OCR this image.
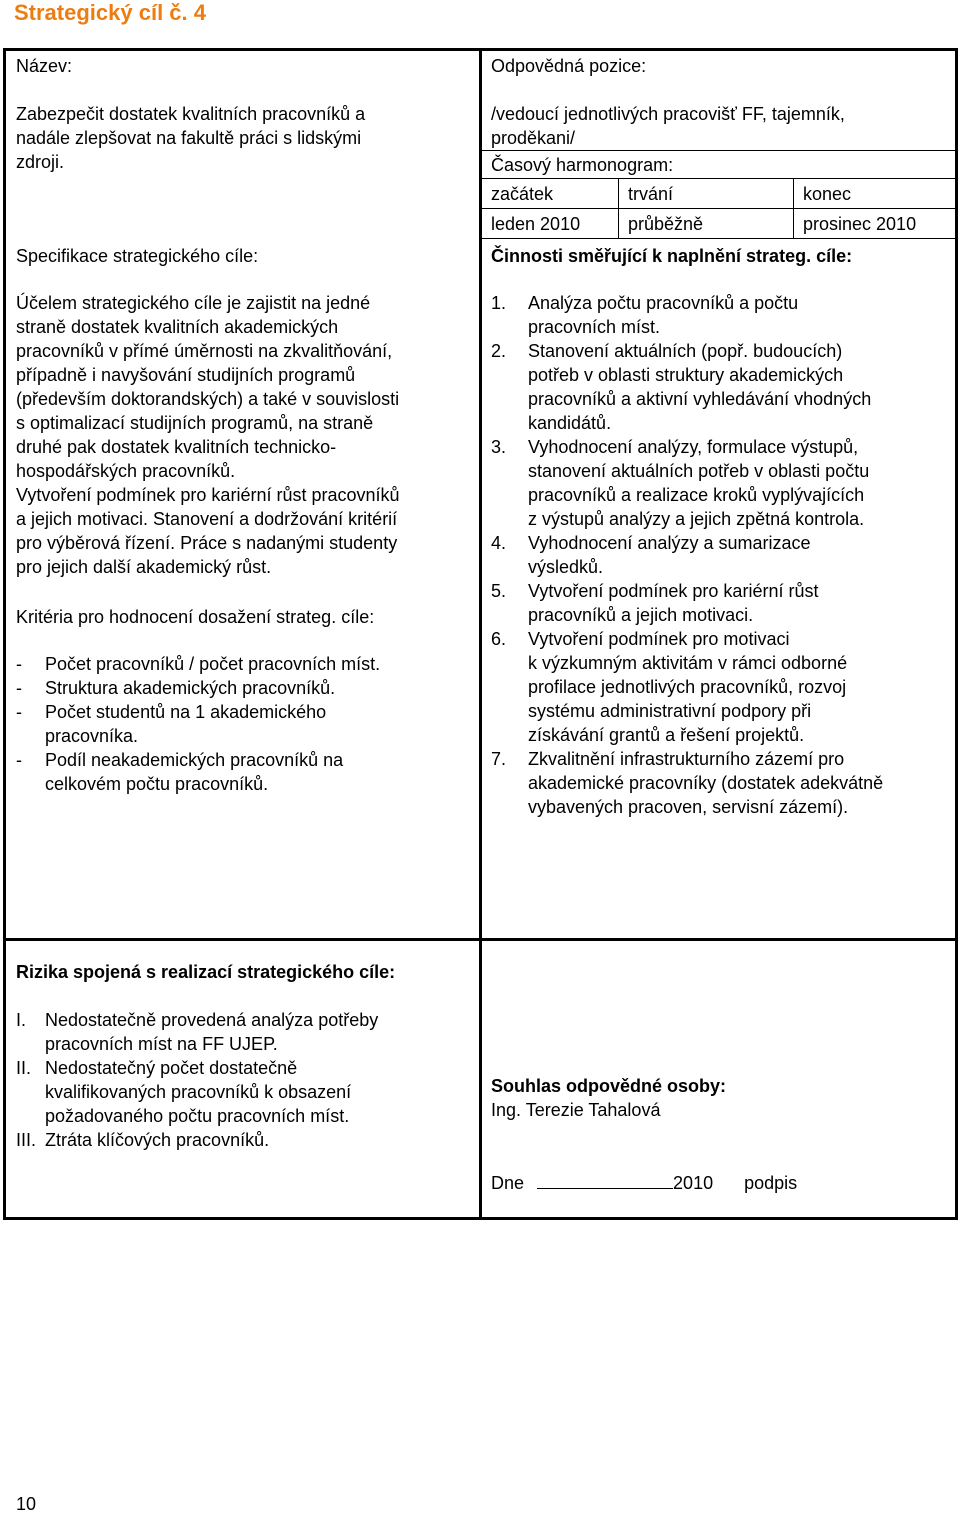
Strategický cíl č. 4
Název:
Zabezpečit dostatek kvalitních pracovníků a
nadále zlepšovat na fakultě práci s lidskými
zdroji.
Specifikace strategického cíle:
Účelem strategického cíle je zajistit na jedné
straně dostatek kvalitních akademických
pracovníků v přímé úměrnosti na zkvalitňování,
případně i navyšování studijních programů
(především doktorandských) a také v souvislosti
s optimalizací studijních programů, na straně
druhé pak dostatek kvalitních technicko-
hospodářských pracovníků.
Vytvoření podmínek pro kariérní růst pracovníků
a jejich motivaci. Stanovení a dodržování kritérií
pro výběrová řízení. Práce s nadanými studenty
pro jejich další akademický růst.
Kritéria pro hodnocení dosažení strateg. cíle:
- Počet pracovníků / počet pracovních míst.
- Struktura akademických pracovníků.
- Počet studentů na 1 akademického
pracovníka.
- Podíl neakademických pracovníků na
celkovém počtu pracovníků.
Odpovědná pozice:
/vedoucí jednotlivých pracovišť FF, tajemník,
proděkani/
Časový harmonogram:
začátek	trvání	konec
leden 2010	průběžně	prosinec 2010
Činnosti směřující k naplnění strateg. cíle:
1. Analýza počtu pracovníků a počtu
pracovních míst.
2. Stanovení aktuálních (popř. budoucích)
potřeb v oblasti struktury akademických
pracovníků a aktivní vyhledávání vhodných
kandidátů.
3. Vyhodnocení analýzy, formulace výstupů,
stanovení aktuálních potřeb v oblasti počtu
pracovníků a realizace kroků vyplývajících
z výstupů analýzy a jejich zpětná kontrola.
4. Vyhodnocení analýzy a sumarizace
výsledků.
5. Vytvoření podmínek pro kariérní růst
pracovníků a jejich motivaci.
6. Vytvoření podmínek pro motivaci
k výzkumným aktivitám v rámci odborné
profilace jednotlivých pracovníků, rozvoj
systému administrativní podpory při
získávání grantů a řešení projektů.
7. Zkvalitnění infrastrukturního zázemí pro
akademické pracovníky (dostatek adekvátně
vybavených pracoven, servisní zázemí).
Rizika spojená s realizací strategického cíle:
I. Nedostatečně provedená analýza potřeby
pracovních míst na FF UJEP.
II. Nedostatečný počet dostatečně
kvalifikovaných pracovníků k obsazení
požadovaného počtu pracovních míst.
III. Ztráta klíčových pracovníků.
Souhlas odpovědné osoby:
Ing. Terezie Tahalová
Dne	2010 podpis
10
